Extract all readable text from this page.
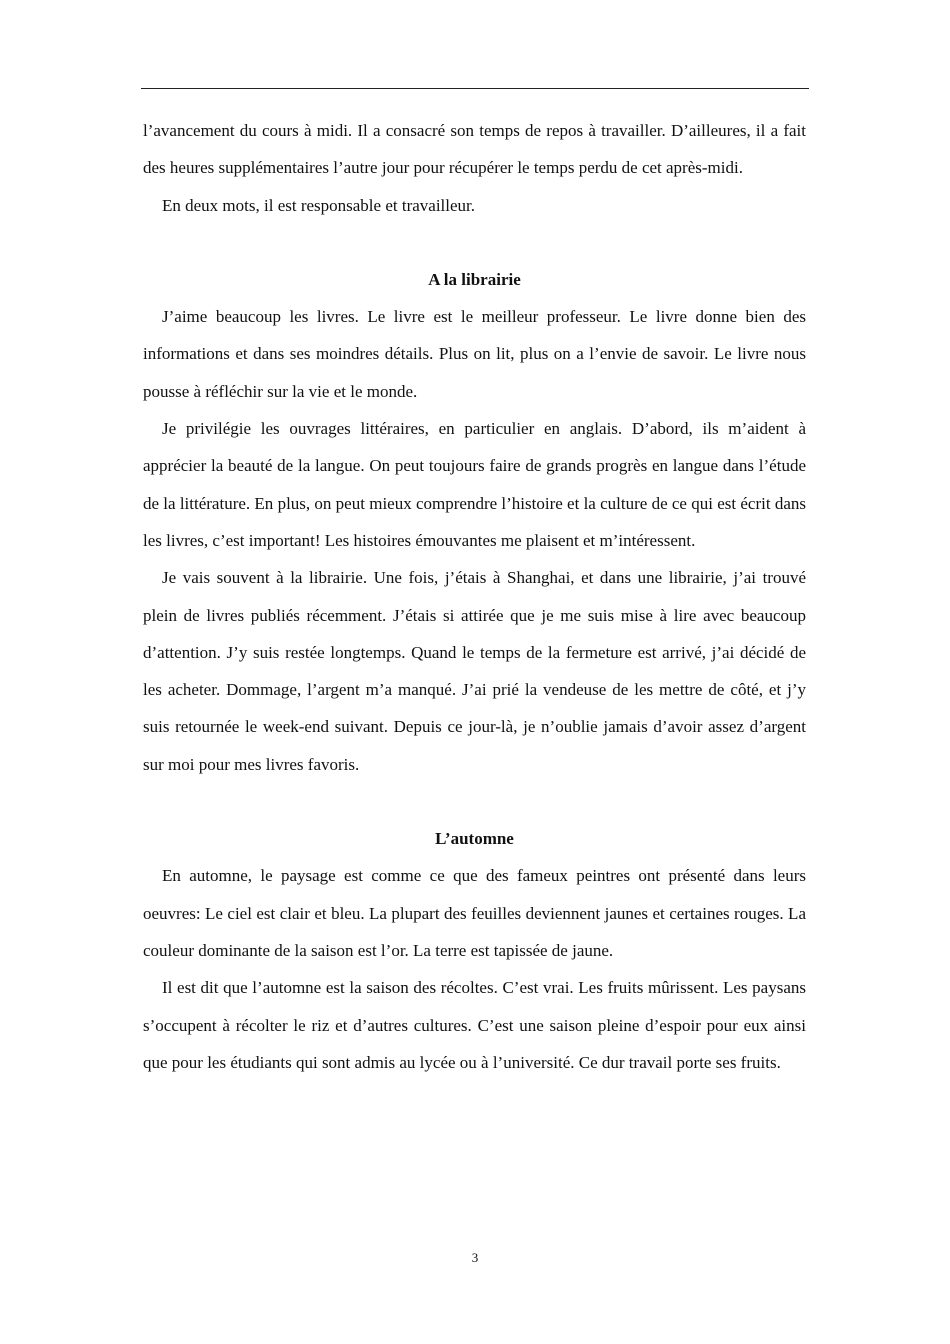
l’avancement du cours à midi. Il a consacré son temps de repos à travailler. D’ailleures, il a fait des heures supplémentaires l’autre jour pour récupérer le temps perdu de cet après-midi.

En deux mots, il est responsable et travailleur.

A la librairie

J’aime beaucoup les livres. Le livre est le meilleur professeur. Le livre donne bien des informations et dans ses moindres détails. Plus on lit, plus on a l’envie de savoir. Le livre nous pousse à réfléchir sur la vie et le monde.

Je privilégie les ouvrages littéraires, en particulier en anglais. D’abord, ils m’aident à apprécier la beauté de la langue. On peut toujours faire de grands progrès en langue dans l’étude de la littérature. En plus, on peut mieux comprendre l’histoire et la culture de ce qui est écrit dans les livres, c’est important! Les histoires émouvantes me plaisent et m’intéressent.

Je vais souvent à la librairie. Une fois, j’étais à Shanghai, et dans une librairie, j’ai trouvé plein de livres publiés récemment. J’étais si attirée que je me suis mise à lire avec beaucoup d’attention. J’y suis restée longtemps. Quand le temps de la fermeture est arrivé, j’ai décidé de les acheter. Dommage, l’argent m’a manqué. J’ai prié la vendeuse de les mettre de côté, et j’y suis retournée le week-end suivant. Depuis ce jour-là, je n’oublie jamais d’avoir assez d’argent sur moi pour mes livres favoris.

L’automne

En automne, le paysage est comme ce que des fameux peintres ont présenté dans leurs oeuvres: Le ciel est clair et bleu. La plupart des feuilles deviennent jaunes et certaines rouges. La couleur dominante de la saison est l’or. La terre est tapissée de jaune.

Il est dit que l’automne est la saison des récoltes. C’est vrai. Les fruits mûrissent. Les paysans s’occupent à récolter le riz et d’autres cultures. C’est une saison pleine d’espoir pour eux ainsi que pour les étudiants qui sont admis au lycée ou à l’université. Ce dur travail porte ses fruits.

3
